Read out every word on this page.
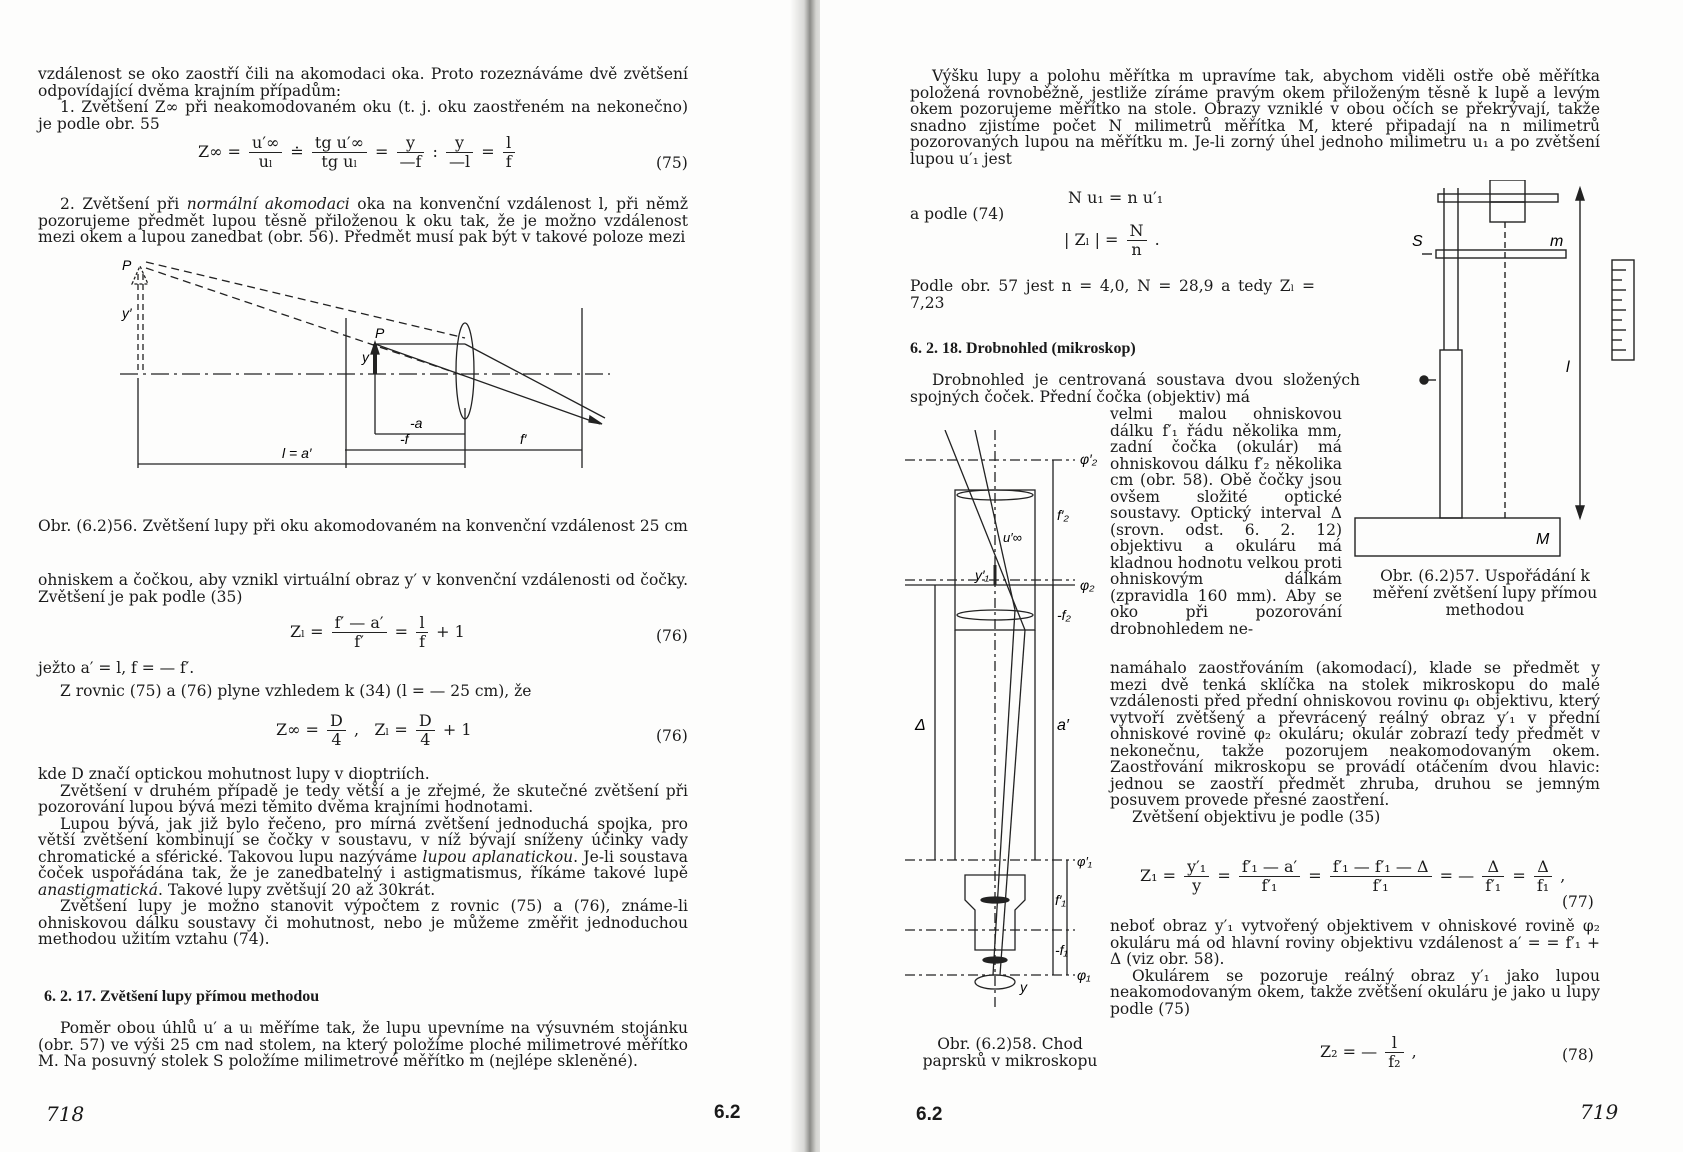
vzdálenost se oko zaostří čili na akomodaci oka. Proto rozeznáváme dvě zvětšení odpovídající dvěma krajním případům:

1. Zvětšení Z∞ při neakomodovaném oku (t. j. oku zaostřeném na nekonečno) je podle obr. 55

$Z\infty = \frac{u'\infty}{\text{uₗ}}$ ≐ $\frac{\text{tg u′∞}}{\text{tg uₗ}} = \frac{y}{—f}$ : $\frac{y}{—l} = \frac{l}{f}$	(75)

2. Zvětšení při normální akomodaci oka na konvenční vzdálenost l, při němž pozorujeme předmět lupou těsně přiloženou k oku tak, že je možno vzdálenost mezi okem a lupou zanedbat (obr. 56). Předmět musí pak být v takové poloze mezi

P
y′
P
y
-a
-f	f′
l = a′
Obr. (6.2)56. Zvětšení lupy při oku akomodovaném na konvenční vzdálenost 25 cm

ohniskem a čočkou, aby vznikl virtuální obraz y′ v konvenční vzdálenosti od čočky. Zvětšení je pak podle (35)

$Z_l = \frac{f' — a'}{f'} = \frac{l}{f} + 1$	(76)

ježto a′ = l, f = — f′.

Z rovnic (75) a (76) plyne vzhledem k (34) (l = — 25 cm), že

$Z\infty = \frac{D}{4}$ , $Z_l = \frac{D}{4} + 1$	(76)

kde D značí optickou mohutnost lupy v dioptriích.

Zvětšení v druhém případě je tedy větší a je zřejmé, že skutečné zvětšení při pozorování lupou bývá mezi těmito dvěma krajními hodnotami.

Lupou bývá, jak již bylo řečeno, pro mírná zvětšení jednoduchá spojka, pro větší zvětšení kombinují se čočky v soustavu, v níž bývají sníženy účinky vady chromatické a sférické. Takovou lupu nazýváme lupou aplanatickou. Je-li soustava čoček uspořádána tak, že je zanedbatelný i astigmatismus, říkáme takové lupě anastigmatická. Takové lupy zvětšují 20 až 30krát.

Zvětšení lupy je možno stanovit výpočtem z rovnic (75) a (76), známe-li ohniskovou dálku soustavy či mohutnost, nebo je můžeme změřit jednoduchou methodou užitím vztahu (74).

6. 2. 17. Zvětšení lupy přímou methodou

Poměr obou úhlů u′ a uₗ měříme tak, že lupu upevníme na výsuvném stojánku (obr. 57) ve výši 25 cm nad stolem, na který položíme ploché milimetrové měřítko M. Na posuvný stolek S položíme milimetrové měřítko m (nejlépe skleněné).

718	6.2

Výšku lupy a polohu měřítka m upravíme tak, abychom viděli ostře obě měřítka položená rovnoběžně, jestliže zíráme pravým okem přiloženým těsně k lupě a levým okem pozorujeme měřítko na stole. Obrazy vzniklé v obou očích se překrývají, takže snadno zjistíme počet N milimetrů měřítka M, které připadají na n milimetrů pozorovaných lupou na měřítku m. Je-li zorný úhel jednoho milimetru u₁ a po zvětšení lupou u′₁ jest

N u₁ = n u′₁
a podle (74)
| Zₗ | = $\frac{N}{n}$ .

Podle obr. 57 jest n = 4,0, N = 28,9 a tedy Zₗ = 7,23

S	m
l
M
Obr. (6.2)57. Uspořádání k měření zvětšení lupy přímou methodou
6. 2. 18. Drobnohled (mikroskop)

Drobnohled je centrovaná soustava dvou složených spojných čoček. Přední čočka (objektiv) má

velmi malou ohniskovou dálku f′₁ řádu několika mm, zadní čočka (okulár) má ohniskovou dálku f′₂ několika cm (obr. 58). Obě čočky jsou ovšem složité optické soustavy. Optický interval Δ (srovn. odst. 6. 2. 12) objektivu a okuláru má kladnou hodnotu velkou proti ohniskovým dálkám (zpravidla 160 mm). Aby se oko při pozorování drobnohledem ne-

φ′₂
f′₂
-f₂
u′∞
y′₁
φ₂
Δ	a′
φ′₁
f′₁
-f₁
y
φ₁
Obr. (6.2)58. Chod paprsků v mikroskopu

namáhalo zaostřováním (akomodací), klade se předmět y mezi dvě tenká sklíčka na stolek mikroskopu do malé vzdálenosti před přední ohniskovou rovinu φ₁ objektivu, který vytvoří zvětšený a převrácený reálný obraz y′₁ v přední ohniskové rovině φ₂ okuláru; okulár zobrazí tedy předmět v nekonečnu, takže pozorujem neakomodovaným okem. Zaostřování mikroskopu se provádí otáčením dvou hlavic: jednou se zaostří předmět zhruba, druhou se jemným posuvem provede přesné zaostření.

Zvětšení objektivu je podle (35)

$Z_1 = \frac{\text{y′₁}}{y} = \frac{\text{f′₁ — a′}}{\text{f′₁}} = \frac{\text{f′₁ — f′₁ — Δ}}{\text{f′₁}}$ = — $\frac{\Delta}{\text{f′₁}} = \frac{\Delta}{\text{f₁}}$ ,
(77)

neboť obraz y′₁ vytvořený objektivem v ohniskové rovině φ₂ okuláru má od hlavní roviny objektivu vzdálenost a′ = = f′₁ + Δ (viz obr. 58).

Okulárem se pozoruje reálný obraz y′₁ jako lupou neakomodovaným okem, takže zvětšení okuláru je jako u lupy podle (75)

Z₂ = — $\frac{l}{\text{f₂}}$ ,	(78)
6.2	719
